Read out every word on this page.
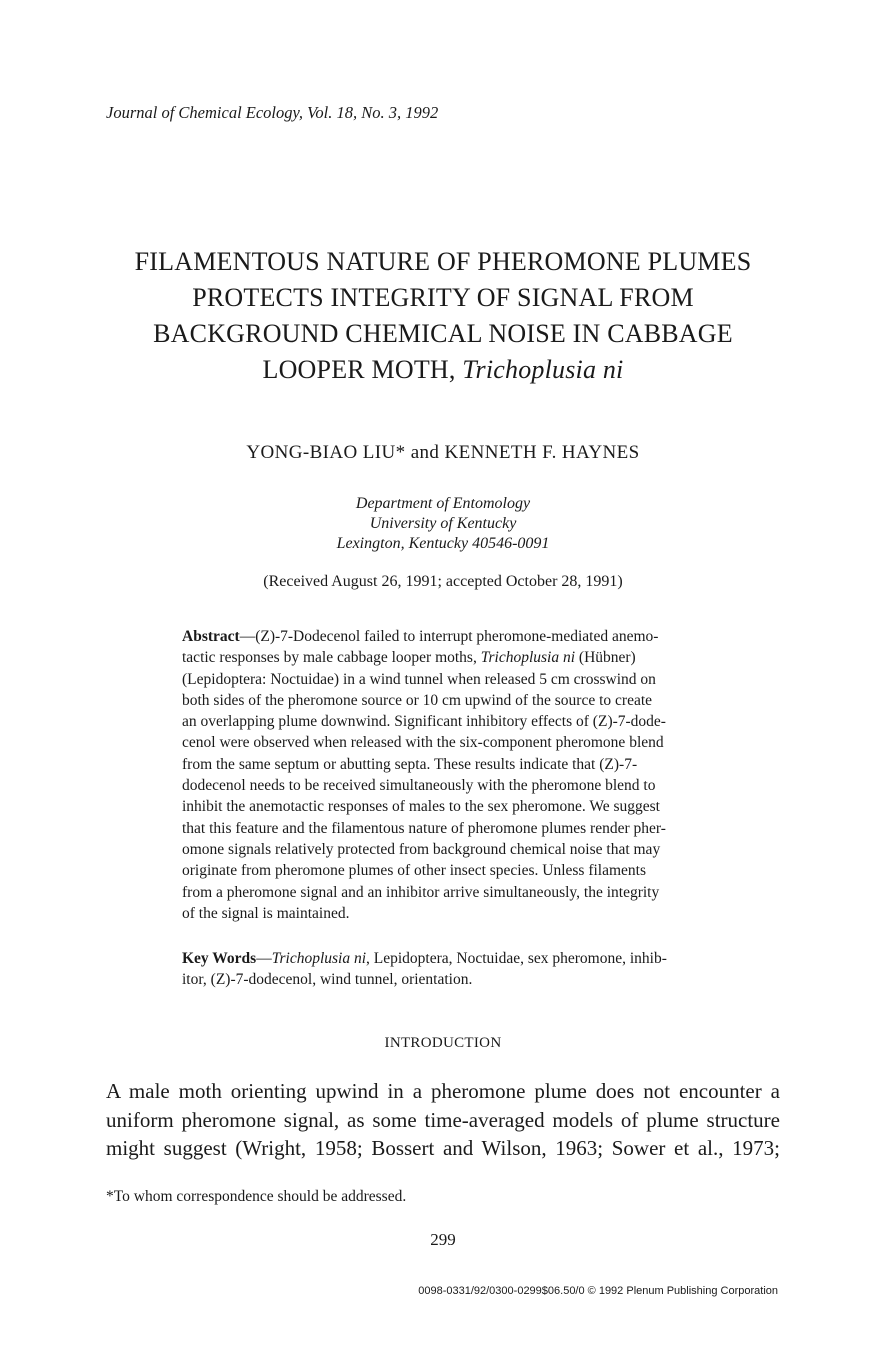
Journal of Chemical Ecology, Vol. 18, No. 3, 1992
FILAMENTOUS NATURE OF PHEROMONE PLUMES
PROTECTS INTEGRITY OF SIGNAL FROM
BACKGROUND CHEMICAL NOISE IN CABBAGE
LOOPER MOTH, Trichoplusia ni
YONG-BIAO LIU* and KENNETH F. HAYNES
Department of Entomology
University of Kentucky
Lexington, Kentucky 40546-0091
(Received August 26, 1991; accepted October 28, 1991)
Abstract—(Z)-7-Dodecenol failed to interrupt pheromone-mediated anemo-
tactic responses by male cabbage looper moths, Trichoplusia ni (Hübner)
(Lepidoptera: Noctuidae) in a wind tunnel when released 5 cm crosswind on
both sides of the pheromone source or 10 cm upwind of the source to create
an overlapping plume downwind. Significant inhibitory effects of (Z)-7-dode-
cenol were observed when released with the six-component pheromone blend
from the same septum or abutting septa. These results indicate that (Z)-7-
dodecenol needs to be received simultaneously with the pheromone blend to
inhibit the anemotactic responses of males to the sex pheromone. We suggest
that this feature and the filamentous nature of pheromone plumes render pher-
omone signals relatively protected from background chemical noise that may
originate from pheromone plumes of other insect species. Unless filaments
from a pheromone signal and an inhibitor arrive simultaneously, the integrity
of the signal is maintained.
Key Words—Trichoplusia ni, Lepidoptera, Noctuidae, sex pheromone, inhib-
itor, (Z)-7-dodecenol, wind tunnel, orientation.
INTRODUCTION
A male moth orienting upwind in a pheromone plume does not encounter a
uniform pheromone signal, as some time-averaged models of plume structure
might suggest (Wright, 1958; Bossert and Wilson, 1963; Sower et al., 1973;
*To whom correspondence should be addressed.
299
0098-0331/92/0300-0299$06.50/0 © 1992 Plenum Publishing Corporation
